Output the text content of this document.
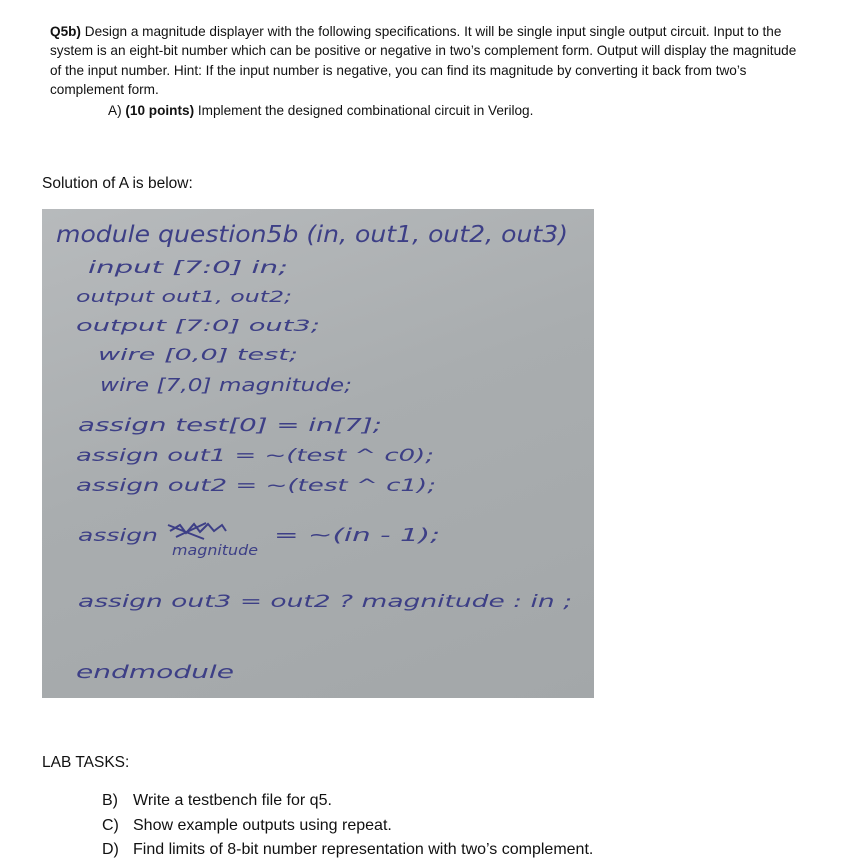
Q5b) Design a magnitude displayer with the following specifications. It will be single input single output circuit. Input to the system is an eight-bit number which can be positive or negative in two’s complement form. Output will display the magnitude of the input number. Hint: If the input number is negative, you can find its magnitude by converting it back from two’s complement form.

A) (10 points) Implement the designed combinational circuit in Verilog.
Solution of A is below:
module question5b (in, out1, out2, out3)
input [7:0] in;
output out1, out2;
output [7:0] out3;
wire [0,0] test;
wire [7,0] magnitude;
assign test[0] = in[7];
assign out1 = ~(test ^ c0);
assign out2 = ~(test ^ c1);
assign
magnitude
= ~(in - 1);
assign out3 = out2 ? magnitude : in ;
endmodule
LAB TASKS:
B) Write a testbench file for q5.
C) Show example outputs using repeat.
D) Find limits of 8-bit number representation with two’s complement.
